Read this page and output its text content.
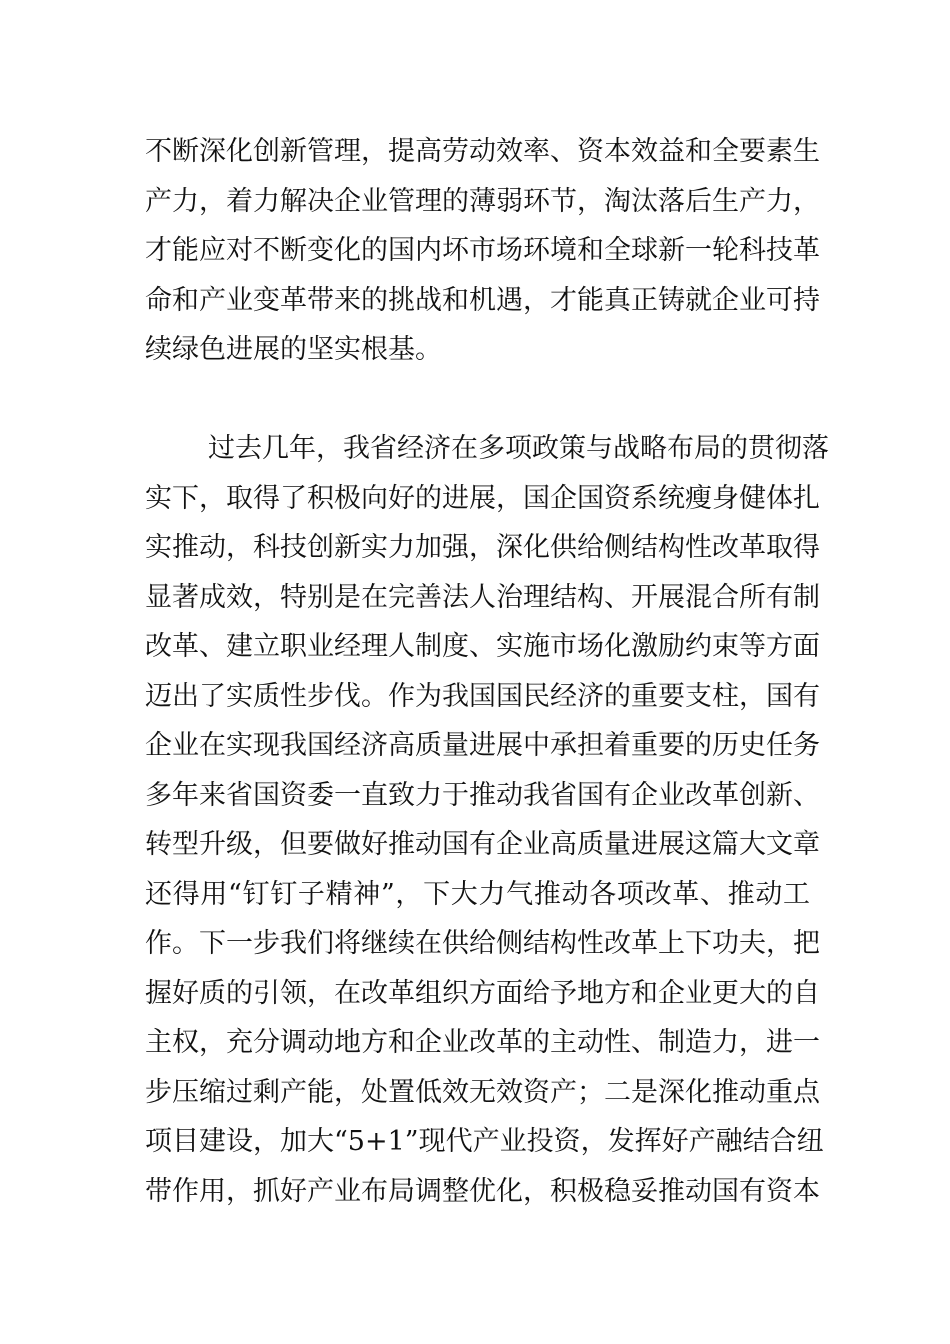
不断深化创新管理，提高劳动效率、资本效益和全要素生

产力，着力解决企业管理的薄弱环节，淘汰落后生产力，

才能应对不断变化的国内坏市场环境和全球新一轮科技革

命和产业变革带来的挑战和机遇，才能真正铸就企业可持

续绿色进展的坚实根基。

过去几年，我省经济在多项政策与战略布局的贯彻落

实下，取得了积极向好的进展，国企国资系统瘦身健体扎

实推动，科技创新实力加强，深化供给侧结构性改革取得

显著成效，特别是在完善法人治理结构、开展混合所有制

改革、建立职业经理人制度、实施市场化激励约束等方面

迈出了实质性步伐。作为我国国民经济的重要支柱，国有

企业在实现我国经济高质量进展中承担着重要的历史任务

多年来省国资委一直致力于推动我省国有企业改革创新、

转型升级，但要做好推动国有企业高质量进展这篇大文章

还得用“钉钉子精神”，下大力气推动各项改革、推动工

作。下一步我们将继续在供给侧结构性改革上下功夫，把

握好质的引领，在改革组织方面给予地方和企业更大的自

主权，充分调动地方和企业改革的主动性、制造力，进一

步压缩过剩产能，处置低效无效资产；二是深化推动重点

项目建设，加大“5+1”现代产业投资，发挥好产融结合纽

带作用，抓好产业布局调整优化，积极稳妥推动国有资本
